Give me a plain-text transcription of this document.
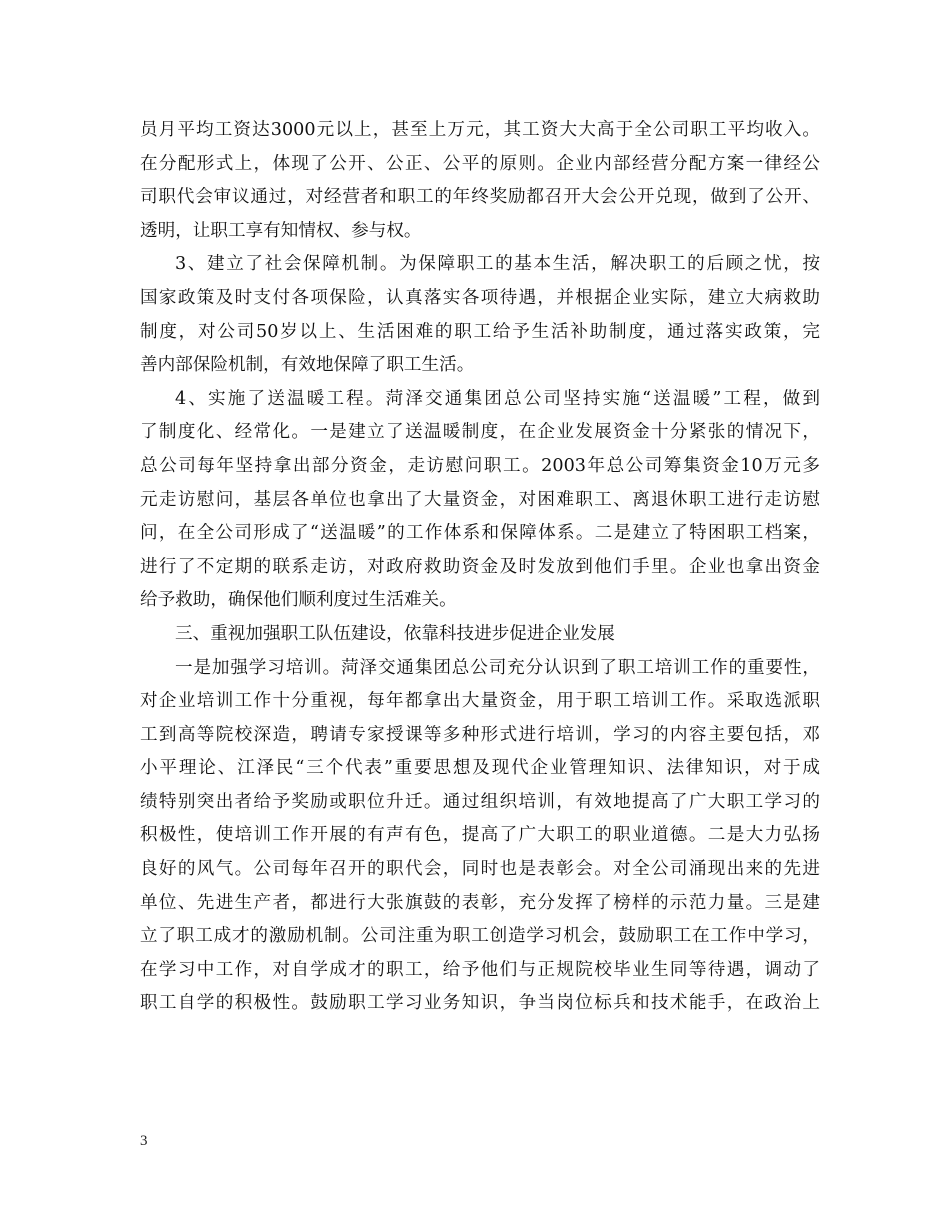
员月平均工资达3000元以上，甚至上万元，其工资大大高于全公司职工平均收入。
在分配形式上，体现了公开、公正、公平的原则。企业内部经营分配方案一律经公
司职代会审议通过，对经营者和职工的年终奖励都召开大会公开兑现，做到了公开、
透明，让职工享有知情权、参与权。
3、建立了社会保障机制。为保障职工的基本生活，解决职工的后顾之忧，按
国家政策及时支付各项保险，认真落实各项待遇，并根据企业实际，建立大病救助
制度，对公司50岁以上、生活困难的职工给予生活补助制度，通过落实政策，完
善内部保险机制，有效地保障了职工生活。
4、实施了送温暖工程。菏泽交通集团总公司坚持实施“送温暖”工程，做到
了制度化、经常化。一是建立了送温暖制度，在企业发展资金十分紧张的情况下，
总公司每年坚持拿出部分资金，走访慰问职工。2003年总公司筹集资金10万元多
元走访慰问，基层各单位也拿出了大量资金，对困难职工、离退休职工进行走访慰
问，在全公司形成了“送温暖”的工作体系和保障体系。二是建立了特困职工档案，
进行了不定期的联系走访，对政府救助资金及时发放到他们手里。企业也拿出资金
给予救助，确保他们顺利度过生活难关。
三、重视加强职工队伍建设，依靠科技进步促进企业发展
一是加强学习培训。菏泽交通集团总公司充分认识到了职工培训工作的重要性，
对企业培训工作十分重视，每年都拿出大量资金，用于职工培训工作。采取选派职
工到高等院校深造，聘请专家授课等多种形式进行培训，学习的内容主要包括，邓
小平理论、江泽民“三个代表”重要思想及现代企业管理知识、法律知识，对于成
绩特别突出者给予奖励或职位升迁。通过组织培训，有效地提高了广大职工学习的
积极性，使培训工作开展的有声有色，提高了广大职工的职业道德。二是大力弘扬
良好的风气。公司每年召开的职代会，同时也是表彰会。对全公司涌现出来的先进
单位、先进生产者，都进行大张旗鼓的表彰，充分发挥了榜样的示范力量。三是建
立了职工成才的激励机制。公司注重为职工创造学习机会，鼓励职工在工作中学习，
在学习中工作，对自学成才的职工，给予他们与正规院校毕业生同等待遇，调动了
职工自学的积极性。鼓励职工学习业务知识，争当岗位标兵和技术能手，在政治上
3
